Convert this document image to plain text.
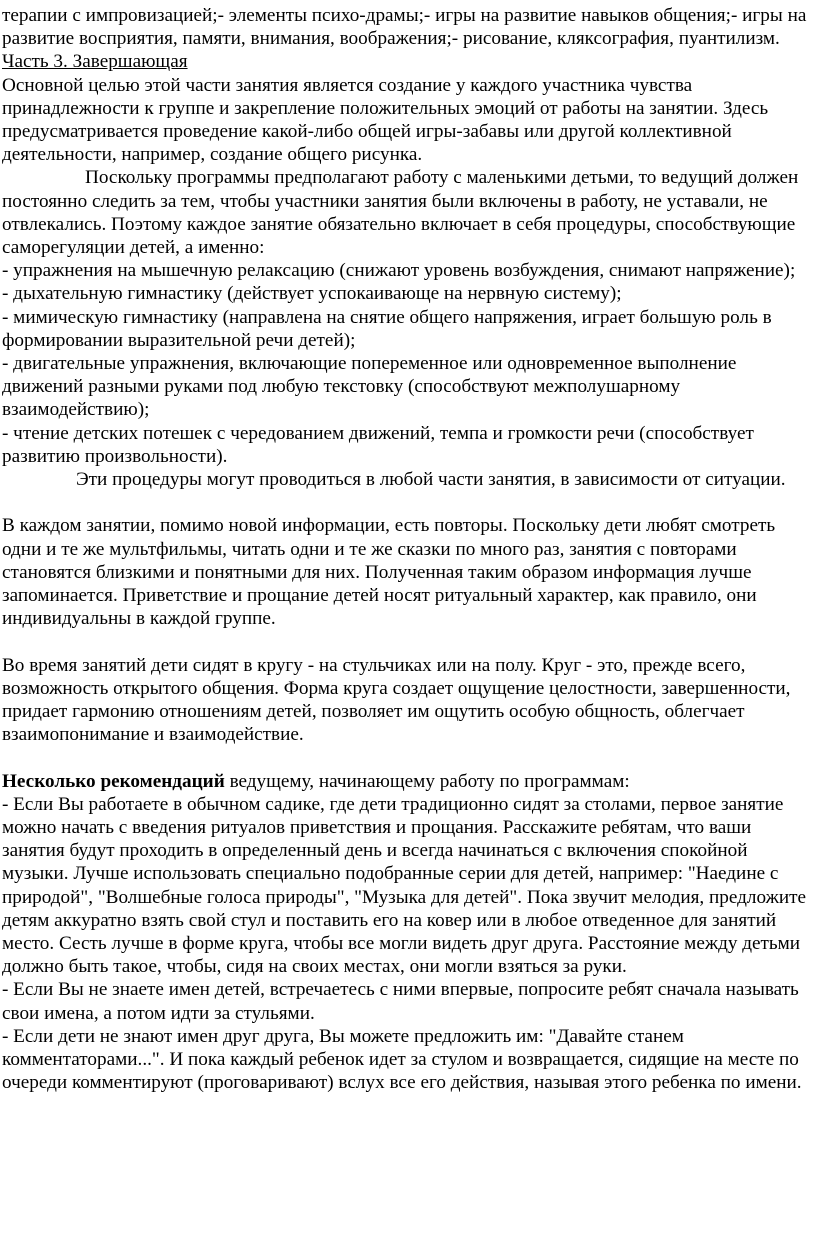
терапии с импровизацией;- элементы психо-драмы;- игры на развитие навыков общения;- игры на развитие восприятия, памяти, внимания, воображения;- рисование, кляксография, пуантилизм.

Часть 3. Завершающая

Основной целью этой части занятия является создание у каждого участника чувства принадлежности к группе и закрепление положительных эмоций от работы на занятии. Здесь предусматривается проведение какой-либо общей игры-забавы или другой коллективной деятельности, например, создание общего рисунка.

Поскольку программы предполагают работу с маленькими детьми, то ведущий должен постоянно следить за тем, чтобы участники занятия были включены в работу, не уставали, не отвлекались. Поэтому каждое занятие обязательно включает в себя процедуры, способствующие саморегуляции детей, а именно:

- упражнения на мышечную релаксацию (снижают уровень возбуждения, снимают напряжение);

- дыхательную гимнастику (действует успокаивающе на нервную систему);

- мимическую гимнастику (направлена на снятие общего напряжения, играет большую роль в формировании выразительной речи детей);

- двигательные упражнения, включающие попеременное или одновременное выполнение движений разными руками под любую текстовку (способствуют межполушарному взаимодействию);

- чтение детских потешек с чередованием движений, темпа и громкости речи (способствует развитию произвольности).

Эти процедуры могут проводиться в любой части занятия, в зависимости от ситуации.

В каждом занятии, помимо новой информации, есть повторы. Поскольку дети любят смотреть одни и те же мультфильмы, читать одни и те же сказки по много раз, занятия с повторами становятся близкими и понятными для них. Полученная таким образом информация лучше запоминается. Приветствие и прощание детей носят ритуальный характер, как правило, они индивидуальны в каждой группе.

Во время занятий дети сидят в кругу - на стульчиках или на полу. Круг - это, прежде всего, возможность открытого общения. Форма круга создает ощущение целостности, завершенности, придает гармонию отношениям детей, позволяет им ощутить особую общность, облегчает взаимопонимание и взаимодействие.

Несколько рекомендаций ведущему, начинающему работу по программам:

- Если Вы работаете в обычном садике, где дети традиционно сидят за столами, первое занятие можно начать с введения ритуалов приветствия и прощания. Расскажите ребятам, что ваши занятия будут проходить в определенный день и всегда начинаться с включения спокойной музыки. Лучше использовать специально подобранные серии для детей, например: "Наедине с природой", "Волшебные голоса природы", "Музыка для детей". Пока звучит мелодия, предложите детям аккуратно взять свой стул и поставить его на ковер или в любое отведенное для занятий место. Сесть лучше в форме круга, чтобы все могли видеть друг друга. Расстояние между детьми должно быть такое, чтобы, сидя на своих местах, они могли взяться за руки.

- Если Вы не знаете имен детей, встречаетесь с ними впервые, попросите ребят сначала называть свои имена, а потом идти за стульями.

- Если дети не знают имен друг друга, Вы можете предложить им: "Давайте станем комментаторами...". И пока каждый ребенок идет за стулом и возвращается, сидящие на месте по очереди комментируют (проговаривают) вслух все его действия, называя этого ребенка по имени.
